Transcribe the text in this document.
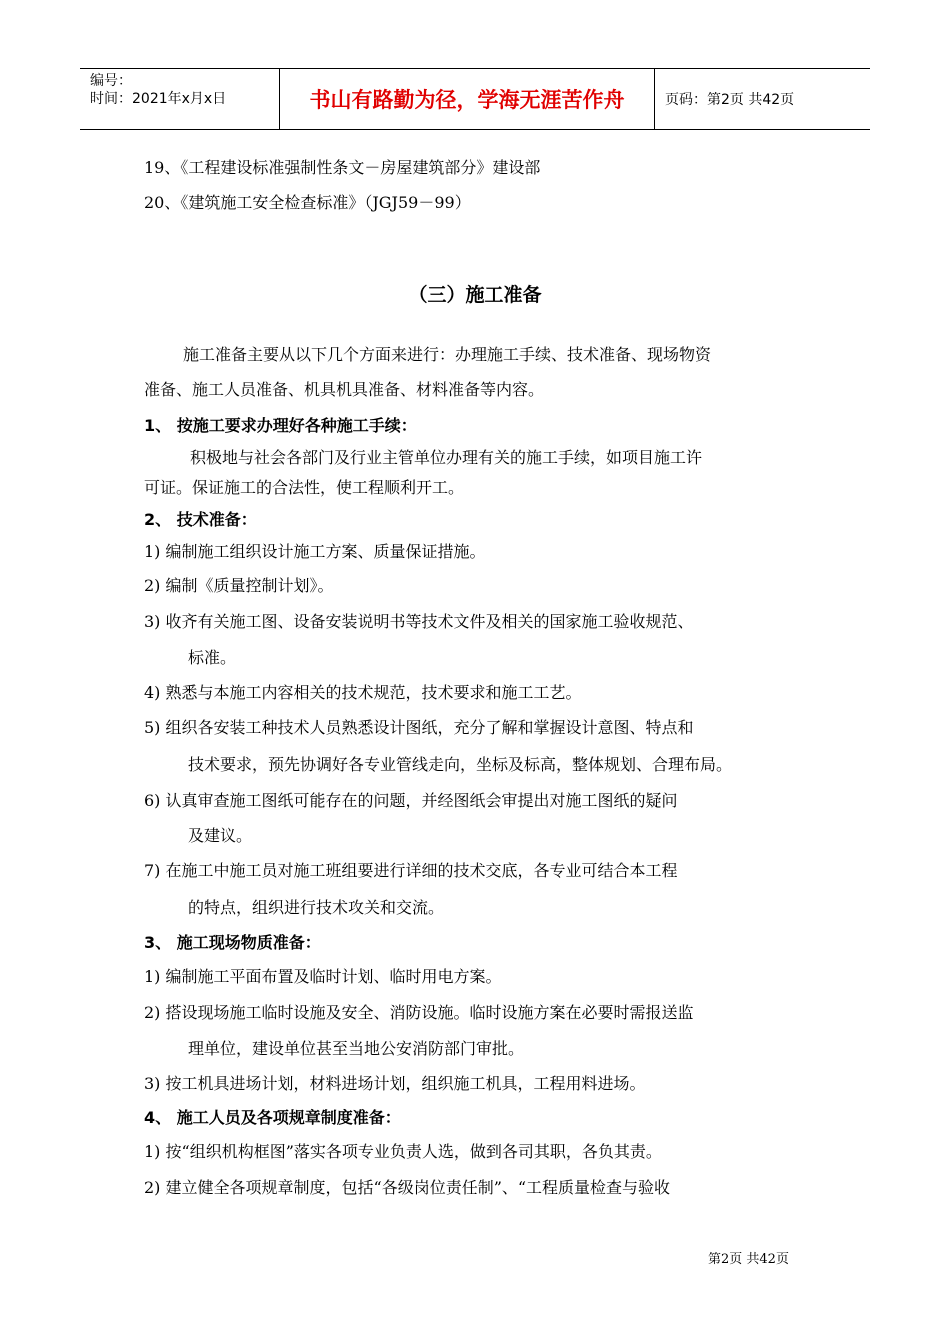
编号：
时间：2021年x月x日	书山有路勤为径，学海无涯苦作舟	页码：第2页 共42页
19、《工程建设标准强制性条文－房屋建筑部分》建设部
20、《建筑施工安全检查标准》（JGJ59－99）
（三）施工准备
施工准备主要从以下几个方面来进行：办理施工手续、技术准备、现场物资
准备、施工人员准备、机具机具准备、材料准备等内容。
1、 按施工要求办理好各种施工手续：
积极地与社会各部门及行业主管单位办理有关的施工手续，如项目施工许
可证。保证施工的合法性，使工程顺利开工。
2、 技术准备：
1) 编制施工组织设计施工方案、质量保证措施。
2) 编制《质量控制计划》。
3) 收齐有关施工图、设备安装说明书等技术文件及相关的国家施工验收规范、
标准。
4) 熟悉与本施工内容相关的技术规范，技术要求和施工工艺。
5) 组织各安装工种技术人员熟悉设计图纸，充分了解和掌握设计意图、特点和
技术要求，预先协调好各专业管线走向，坐标及标高，整体规划、合理布局。
6) 认真审查施工图纸可能存在的问题，并经图纸会审提出对施工图纸的疑问
及建议。
7) 在施工中施工员对施工班组要进行详细的技术交底，各专业可结合本工程
的特点，组织进行技术攻关和交流。
3、 施工现场物质准备：
1) 编制施工平面布置及临时计划、临时用电方案。
2) 搭设现场施工临时设施及安全、消防设施。临时设施方案在必要时需报送监
理单位，建设单位甚至当地公安消防部门审批。
3) 按工机具进场计划，材料进场计划，组织施工机具，工程用料进场。
4、 施工人员及各项规章制度准备：
1) 按“组织机构框图”落实各项专业负责人选，做到各司其职，各负其责。
2) 建立健全各项规章制度，包括“各级岗位责任制”、“工程质量检查与验收
第2页 共42页
